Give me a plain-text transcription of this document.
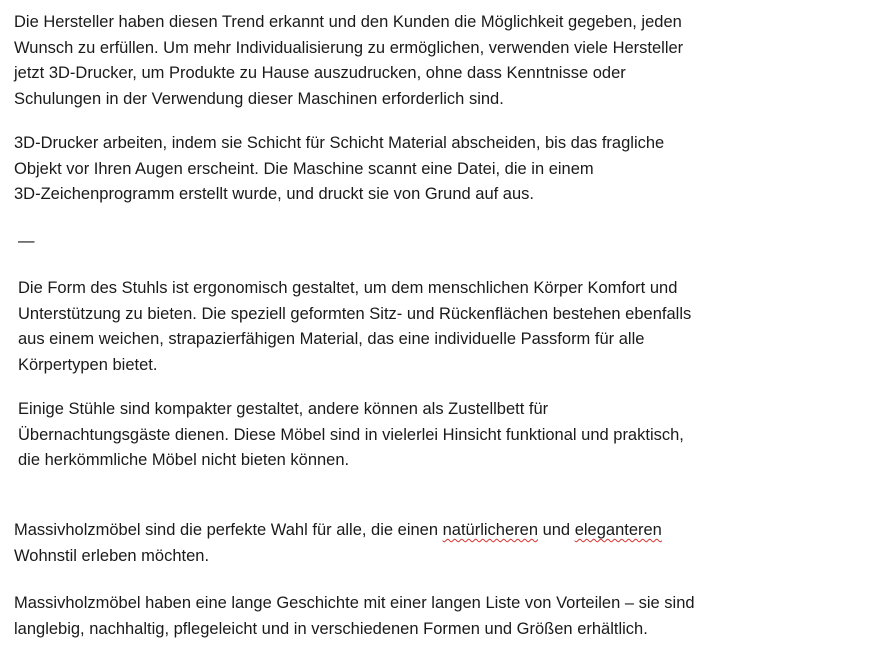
Die Hersteller haben diesen Trend erkannt und den Kunden die Möglichkeit gegeben, jeden
Wunsch zu erfüllen. Um mehr Individualisierung zu ermöglichen, verwenden viele Hersteller
jetzt 3D-Drucker, um Produkte zu Hause auszudrucken, ohne dass Kenntnisse oder
Schulungen in der Verwendung dieser Maschinen erforderlich sind.

3D-Drucker arbeiten, indem sie Schicht für Schicht Material abscheiden, bis das fragliche
Objekt vor Ihren Augen erscheint. Die Maschine scannt eine Datei, die in einem
3D-Zeichenprogramm erstellt wurde, und druckt sie von Grund auf aus.

—

Die Form des Stuhls ist ergonomisch gestaltet, um dem menschlichen Körper Komfort und
Unterstützung zu bieten. Die speziell geformten Sitz- und Rückenflächen bestehen ebenfalls
aus einem weichen, strapazierfähigen Material, das eine individuelle Passform für alle
Körpertypen bietet.

Einige Stühle sind kompakter gestaltet, andere können als Zustellbett für
Übernachtungsgäste dienen. Diese Möbel sind in vielerlei Hinsicht funktional und praktisch,
die herkömmliche Möbel nicht bieten können.

Massivholzmöbel sind die perfekte Wahl für alle, die einen natürlicheren und eleganteren
Wohnstil erleben möchten.

Massivholzmöbel haben eine lange Geschichte mit einer langen Liste von Vorteilen – sie sind
langlebig, nachhaltig, pflegeleicht und in verschiedenen Formen und Größen erhältlich.
